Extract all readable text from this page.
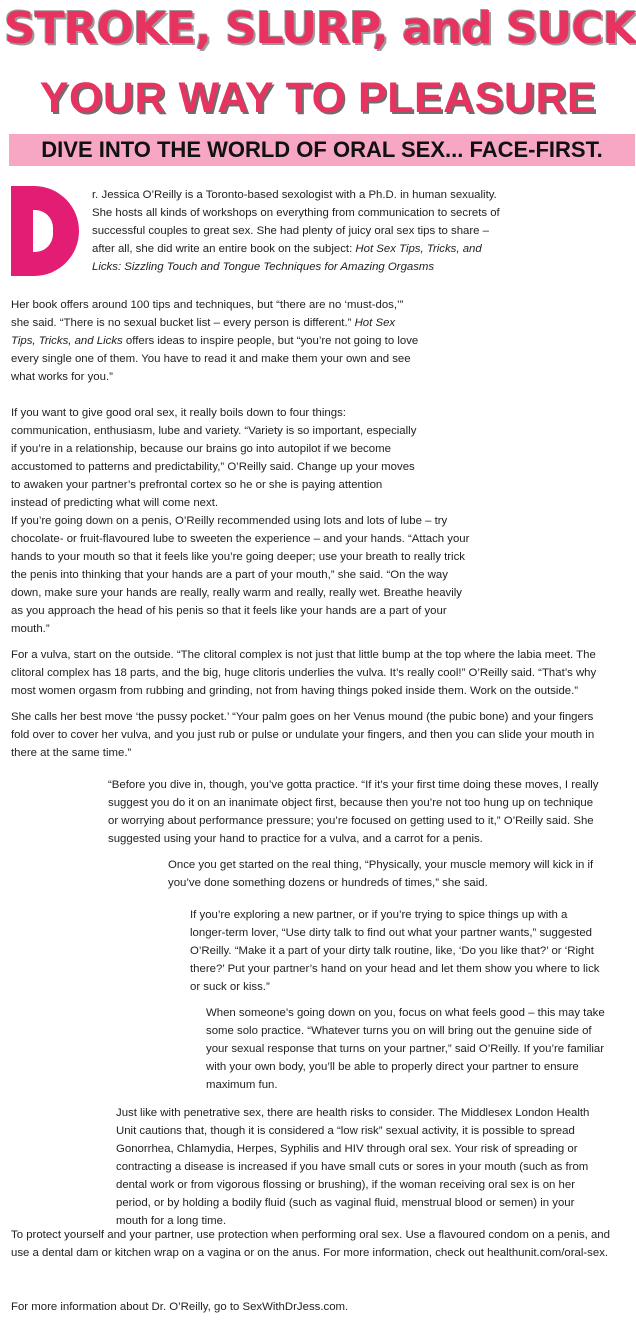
STROKE, SLURP, and SUCK
YOUR WAY TO PLEASURE
DIVE INTO THE WORLD OF ORAL SEX... FACE-FIRST.

r. Jessica O’Reilly is a Toronto-based sexologist with a Ph.D. in human sexuality. She hosts all kinds of workshops on everything from communication to secrets of successful couples to great sex. She had plenty of juicy oral sex tips to share – after all, she did write an entire book on the subject: Hot Sex Tips, Tricks, and Licks: Sizzling Touch and Tongue Techniques for Amazing Orgasms

Her book offers around 100 tips and techniques, but “there are no ‘must-dos,’” she said. “There is no sexual bucket list – every person is different.” Hot Sex Tips, Tricks, and Licks offers ideas to inspire people, but “you’re not going to love every single one of them. You have to read it and make them your own and see what works for you.”

If you want to give good oral sex, it really boils down to four things: communication, enthusiasm, lube and variety. “Variety is so important, especially if you’re in a relationship, because our brains go into autopilot if we become accustomed to patterns and predictability,” O’Reilly said. Change up your moves to awaken your partner’s prefrontal cortex so he or she is paying attention instead of predicting what will come next.

If you’re going down on a penis, O’Reilly recommended using lots and lots of lube – try chocolate- or fruit-flavoured lube to sweeten the experience – and your hands. “Attach your hands to your mouth so that it feels like you’re going deeper; use your breath to really trick the penis into thinking that your hands are a part of your mouth,” she said. “On the way down, make sure your hands are really, really warm and really, really wet. Breathe heavily as you approach the head of his penis so that it feels like your hands are a part of your mouth.”

For a vulva, start on the outside. “The clitoral complex is not just that little bump at the top where the labia meet. The clitoral complex has 18 parts, and the big, huge clitoris underlies the vulva. It’s really cool!” O’Reilly said. “That’s why most women orgasm from rubbing and grinding, not from having things poked inside them. Work on the outside.”

She calls her best move ‘the pussy pocket.’ “Your palm goes on her Venus mound (the pubic bone) and your fingers fold over to cover her vulva, and you just rub or pulse or undulate your fingers, and then you can slide your mouth in there at the same time.”

“Before you dive in, though, you’ve gotta practice. “If it’s your first time doing these moves, I really suggest you do it on an inanimate object first, because then you’re not too hung up on technique or worrying about performance pressure; you’re focused on getting used to it,” O’Reilly said. She suggested using your hand to practice for a vulva, and a carrot for a penis.

Once you get started on the real thing, “Physically, your muscle memory will kick in if you’ve done something dozens or hundreds of times,” she said.

If you’re exploring a new partner, or if you’re trying to spice things up with a longer-term lover, “Use dirty talk to find out what your partner wants,” suggested O’Reilly. “Make it a part of your dirty talk routine, like, ‘Do you like that?’ or ‘Right there?’ Put your partner’s hand on your head and let them show you where to lick or suck or kiss.”

When someone’s going down on you, focus on what feels good – this may take some solo practice. “Whatever turns you on will bring out the genuine side of your sexual response that turns on your partner,” said O’Reilly. If you’re familiar with your own body, you’ll be able to properly direct your partner to ensure maximum fun.

Just like with penetrative sex, there are health risks to consider. The Middlesex London Health Unit cautions that, though it is considered a “low risk” sexual activity, it is possible to spread Gonorrhea, Chlamydia, Herpes, Syphilis and HIV through oral sex. Your risk of spreading or contracting a disease is increased if you have small cuts or sores in your mouth (such as from dental work or from vigorous flossing or brushing), if the woman receiving oral sex is on her period, or by holding a bodily fluid (such as vaginal fluid, menstrual blood or semen) in your mouth for a long time.

To protect yourself and your partner, use protection when performing oral sex. Use a flavoured condom on a penis, and use a dental dam or kitchen wrap on a vagina or on the anus. For more information, check out healthunit.com/oral-sex.

For more information about Dr. O’Reilly, go to SexWithDrJess.com.
